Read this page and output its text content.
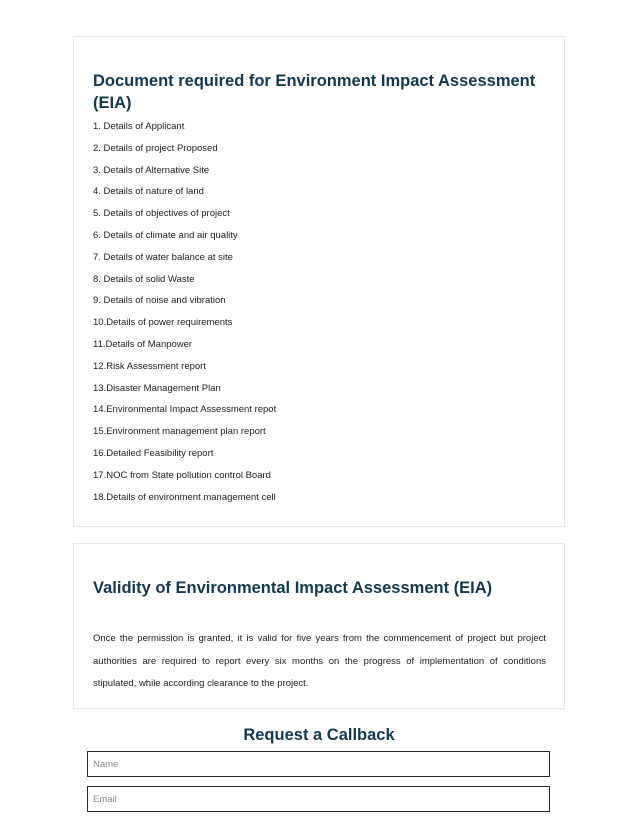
Document required for Environment Impact Assessment (EIA)
1. Details of Applicant
2. Details of project Proposed
3. Details of Alternative Site
4. Details of nature of land
5. Details of objectives of project
6. Details of climate and air quality
7. Details of water balance at site
8. Details of solid Waste
9. Details of noise and vibration
10.Details of power requirements
11.Details of Manpower
12.Risk Assessment report
13.Disaster Management Plan
14.Environmental Impact Assessment repot
15.Environment management plan report
16.Detailed Feasibility report
17.NOC from State pollution control Board
18.Details of environment management cell
Validity of Environmental Impact Assessment (EIA)

Once the permission is granted, it is valid for five years from the commencement of project but project authorities are required to report every six months on the progress of implementation of conditions stipulated, while according clearance to the project.

Request a Callback
Name
Email
